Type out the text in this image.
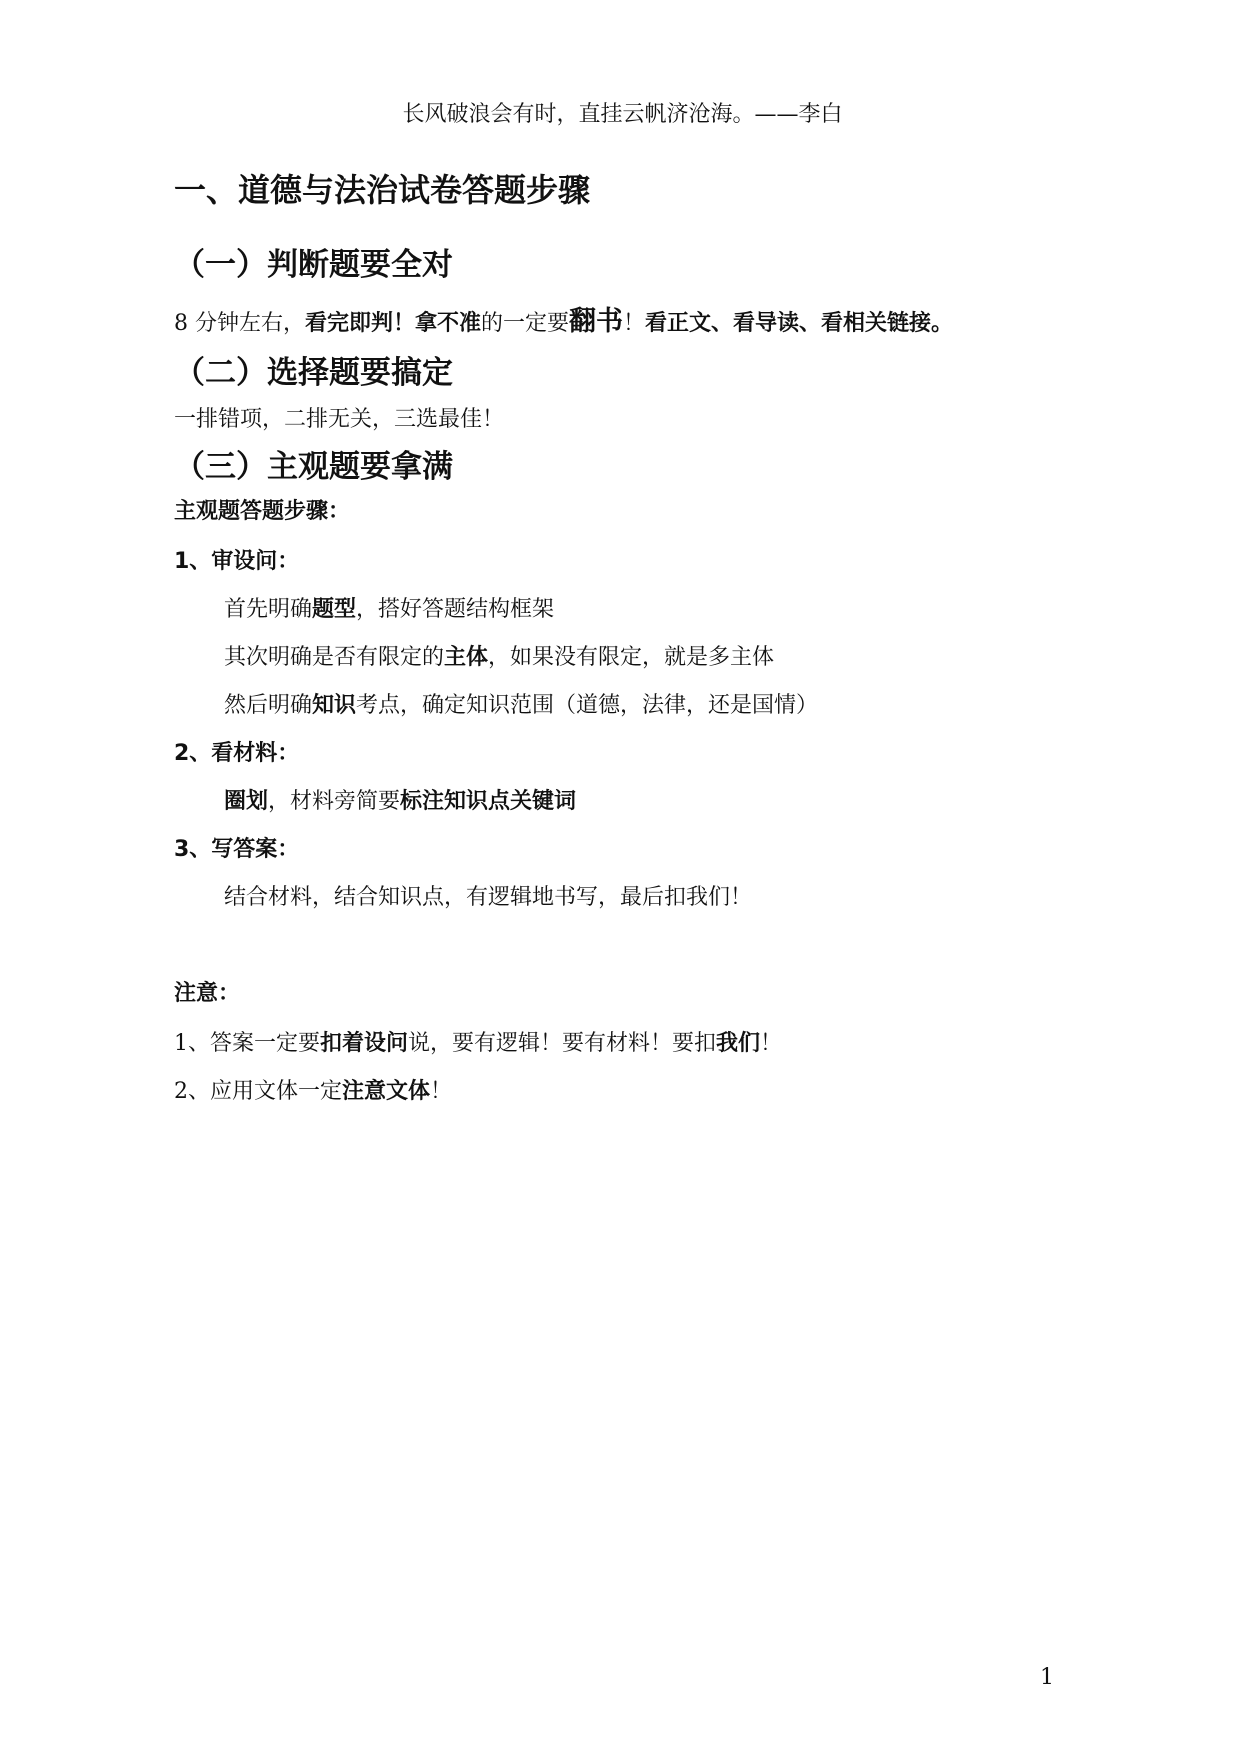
长风破浪会有时，直挂云帆济沧海。——李白
一、道德与法治试卷答题步骤
（一）判断题要全对
8 分钟左右，看完即判！拿不准的一定要翻书！看正文、看导读、看相关链接。
（二）选择题要搞定
一排错项，二排无关，三选最佳！
（三）主观题要拿满
主观题答题步骤：
1、审设问：
首先明确题型，搭好答题结构框架
其次明确是否有限定的主体，如果没有限定，就是多主体
然后明确知识考点，确定知识范围（道德，法律，还是国情）
2、看材料：
圈划，材料旁简要标注知识点关键词
3、写答案：
结合材料，结合知识点，有逻辑地书写，最后扣我们！
注意：
1、答案一定要扣着设问说，要有逻辑！要有材料！要扣我们！
2、应用文体一定注意文体！
1
